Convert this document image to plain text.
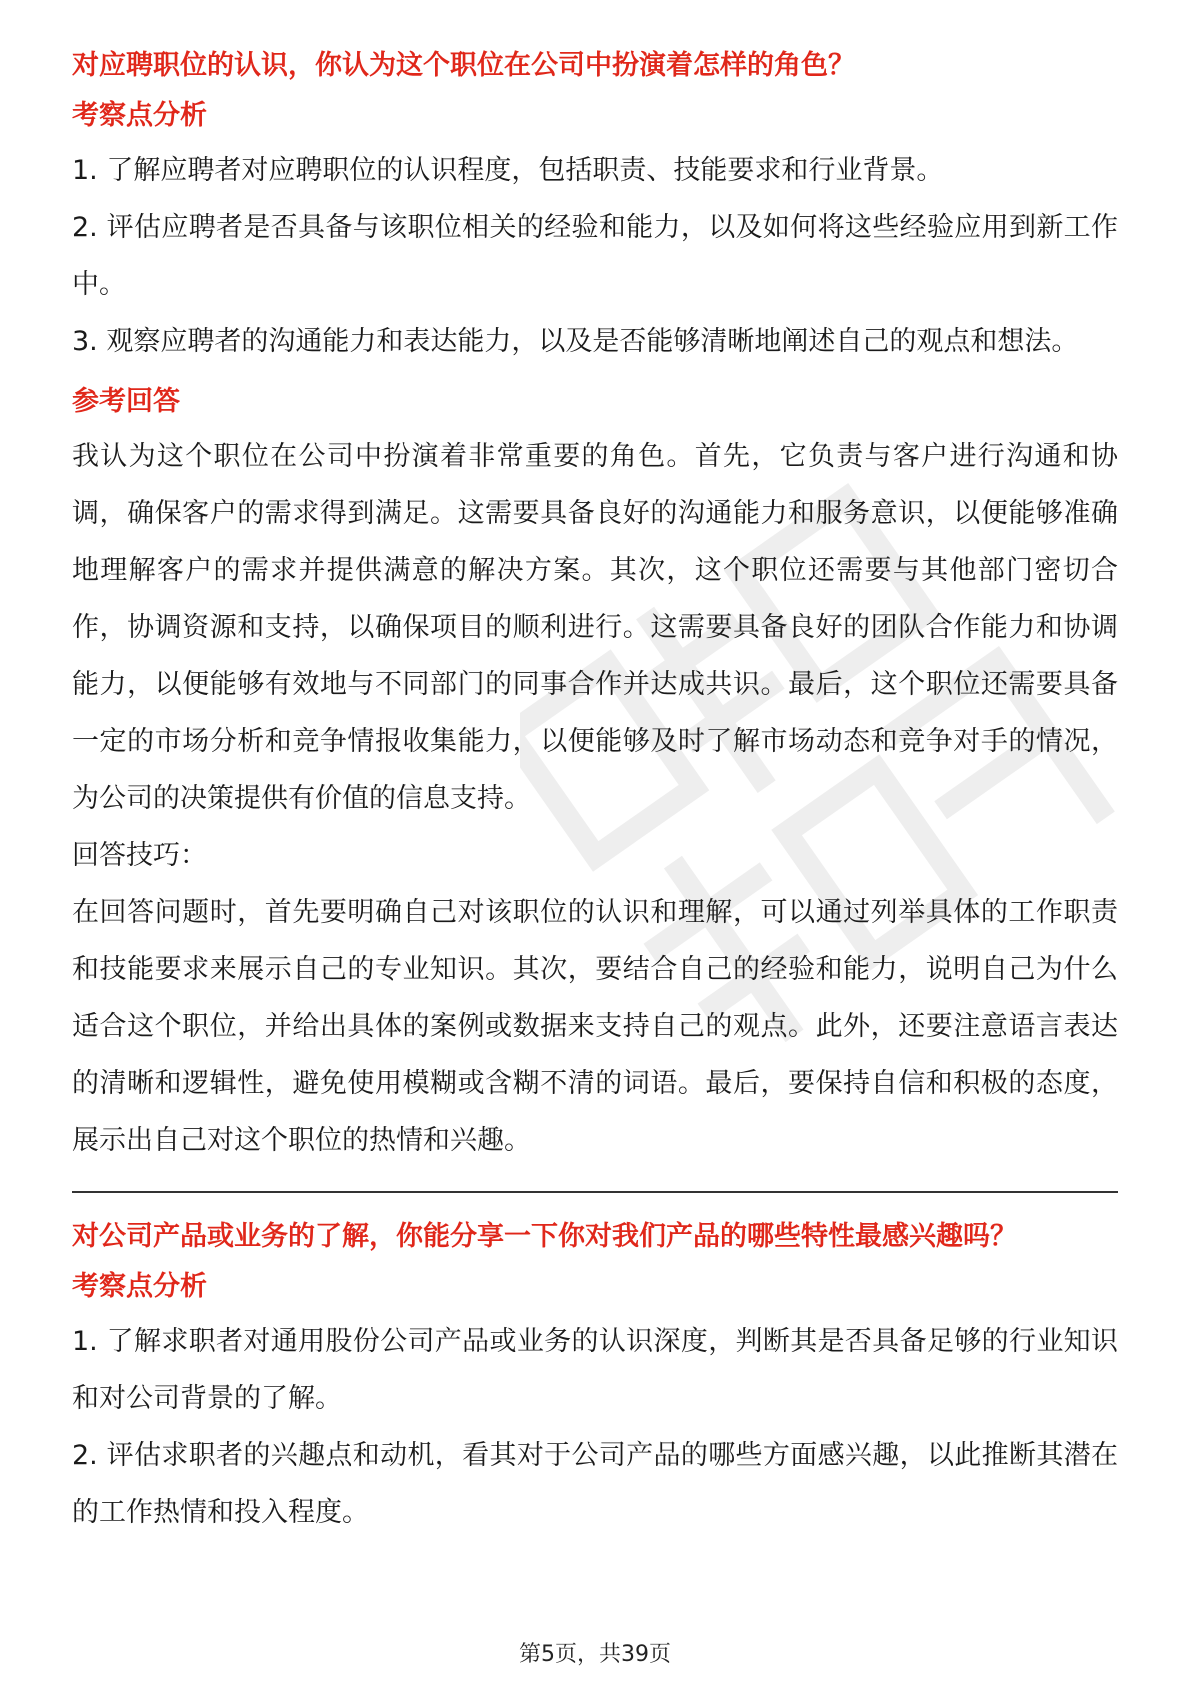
对应聘职位的认识，你认为这个职位在公司中扮演着怎样的角色？
考察点分析

1. 了解应聘者对应聘职位的认识程度，包括职责、技能要求和行业背景。

2. 评估应聘者是否具备与该职位相关的经验和能力，以及如何将这些经验应用到新工作中。

3. 观察应聘者的沟通能力和表达能力，以及是否能够清晰地阐述自己的观点和想法。

参考回答

我认为这个职位在公司中扮演着非常重要的角色。首先，它负责与客户进行沟通和协调，确保客户的需求得到满足。这需要具备良好的沟通能力和服务意识，以便能够准确地理解客户的需求并提供满意的解决方案。其次，这个职位还需要与其他部门密切合作，协调资源和支持，以确保项目的顺利进行。这需要具备良好的团队合作能力和协调能力，以便能够有效地与不同部门的同事合作并达成共识。最后，这个职位还需要具备一定的市场分析和竞争情报收集能力，以便能够及时了解市场动态和竞争对手的情况，为公司的决策提供有价值的信息支持。

回答技巧：

在回答问题时，首先要明确自己对该职位的认识和理解，可以通过列举具体的工作职责和技能要求来展示自己的专业知识。其次，要结合自己的经验和能力，说明自己为什么适合这个职位，并给出具体的案例或数据来支持自己的观点。此外，还要注意语言表达的清晰和逻辑性，避免使用模糊或含糊不清的词语。最后，要保持自信和积极的态度，展示出自己对这个职位的热情和兴趣。

对公司产品或业务的了解，你能分享一下你对我们产品的哪些特性最感兴趣吗？
考察点分析

1. 了解求职者对通用股份公司产品或业务的认识深度，判断其是否具备足够的行业知识和对公司背景的了解。

2. 评估求职者的兴趣点和动机，看其对于公司产品的哪些方面感兴趣，以此推断其潜在的工作热情和投入程度。

第5页，共39页
